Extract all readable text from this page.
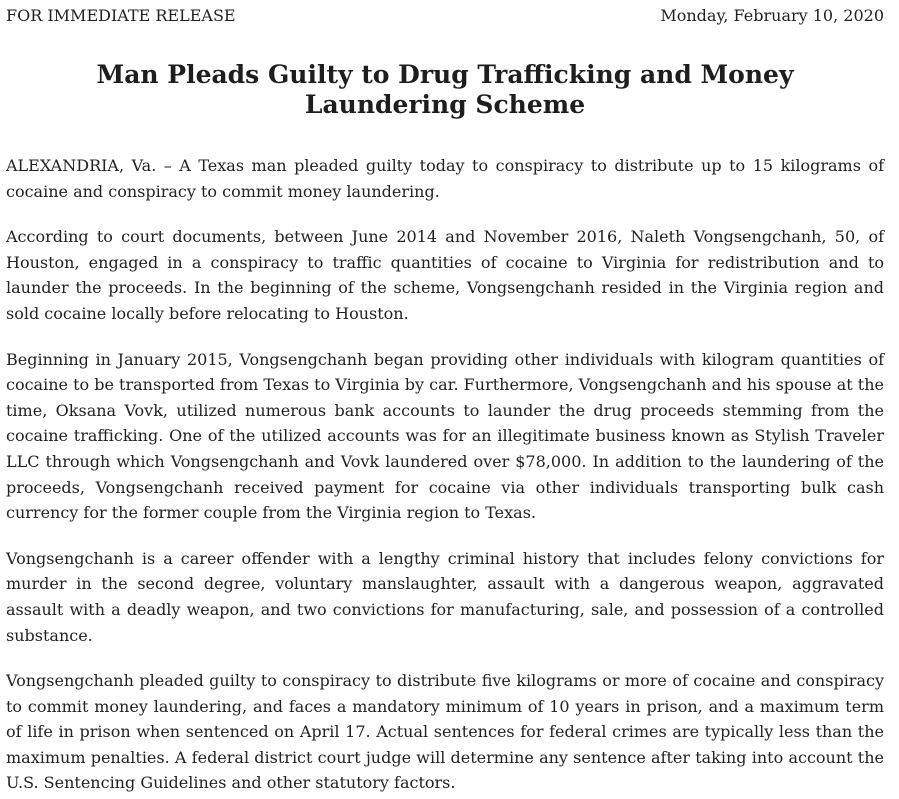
FOR IMMEDIATE RELEASE	Monday, February 10, 2020
Man Pleads Guilty to Drug Trafficking and Money Laundering Scheme

ALEXANDRIA, Va. – A Texas man pleaded guilty today to conspiracy to distribute up to 15 kilograms of cocaine and conspiracy to commit money laundering.

According to court documents, between June 2014 and November 2016, Naleth Vongsengchanh, 50, of Houston, engaged in a conspiracy to traffic quantities of cocaine to Virginia for redistribution and to launder the proceeds. In the beginning of the scheme, Vongsengchanh resided in the Virginia region and sold cocaine locally before relocating to Houston.

Beginning in January 2015, Vongsengchanh began providing other individuals with kilogram quantities of cocaine to be transported from Texas to Virginia by car. Furthermore, Vongsengchanh and his spouse at the time, Oksana Vovk, utilized numerous bank accounts to launder the drug proceeds stemming from the cocaine trafficking. One of the utilized accounts was for an illegitimate business known as Stylish Traveler LLC through which Vongsengchanh and Vovk laundered over $78,000. In addition to the laundering of the proceeds, Vongsengchanh received payment for cocaine via other individuals transporting bulk cash currency for the former couple from the Virginia region to Texas.

Vongsengchanh is a career offender with a lengthy criminal history that includes felony convictions for murder in the second degree, voluntary manslaughter, assault with a dangerous weapon, aggravated assault with a deadly weapon, and two convictions for manufacturing, sale, and possession of a controlled substance.

Vongsengchanh pleaded guilty to conspiracy to distribute five kilograms or more of cocaine and conspiracy to commit money laundering, and faces a mandatory minimum of 10 years in prison, and a maximum term of life in prison when sentenced on April 17. Actual sentences for federal crimes are typically less than the maximum penalties. A federal district court judge will determine any sentence after taking into account the U.S. Sentencing Guidelines and other statutory factors.
